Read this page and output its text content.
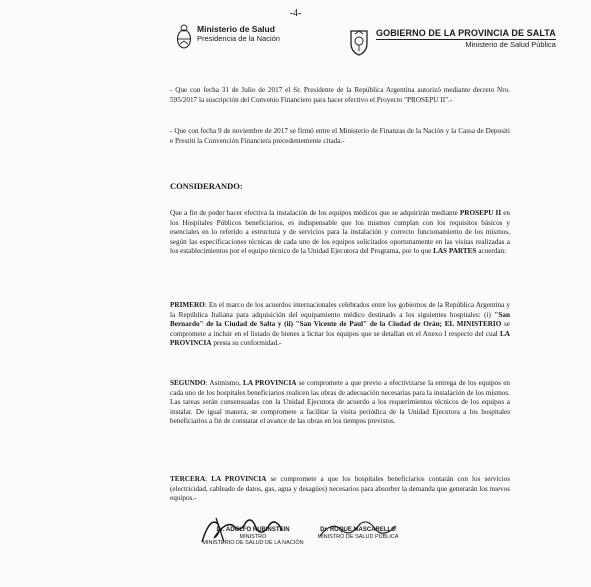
-4-
Ministerio de Salud
Presidencia de la Nación
GOBIERNO DE LA PROVINCIA DE SALTA
Ministerio de Salud Pública
- Que con fecha 31 de Julio de 2017 el Sr. Presidente de la República Argentina autorizó mediante decreto Nro. 595/2017 la suscripción del Convenio Financiero para hacer efectivo el Proyecto "PROSEPU II".-
- Que con fecha 9 de noviembre de 2017 se firmó entre el Ministerio de Finanzas de la Nación y la Cassa de Depositi e Prestiti la Convención Financiera precedentemente citada.-
CONSIDERANDO:
Que a fin de poder hacer efectiva la instalación de los equipos médicos que se adquirirán mediante PROSEPU II en los Hospitales Públicos beneficiarios, es indispensable que los mismos cumplan con los requisitos básicos y esenciales en lo referido a estructura y de servicios para la instalación y correcto funcionamiento de los mismos, según las especificaciones técnicas de cada uno de los equipos solicitados oportunamente en las visitas realizadas a los establecimientos por el equipo técnico de la Unidad Ejecutora del Programa, por lo que LAS PARTES acuerdan:
PRIMERO: En el marco de los acuerdos internacionales celebrados entre los gobiernos de la República Argentina y la República Italiana para adquisición del equipamiento médico destinado a los siguientes hospitales: (i) "San Bernardo" de la Ciudad de Salta y (ii) "San Vicente de Paul" de la Ciudad de Orán; EL MINISTERIO se compromete a incluir en el listado de bienes a licitar los equipos que se detallan en el Anexo I respecto del cual LA PROVINCIA presta su conformidad.-
SEGUNDO: Asimismo, LA PROVINCIA se compromete a que previo a efectivizarse la entrega de los equipos en cada uno de los hospitales beneficiarios realicen las obras de adecuación necesarias para la instalación de los mismos. Las tareas serán consensuadas con la Unidad Ejecutora de acuerdo a los requerimientos técnicos de los equipos a instalar. De igual manera, se compromete a facilitar la visita periódica de la Unidad Ejecutora a los hospitales beneficiarios a fin de constatar el avance de las obras en los tiempos previstos.
TERCERA: LA PROVINCIA se compromete a que los hospitales beneficiarios contarán con los servicios (electricidad, cableado de datos, gas, agua y desagües) necesarios para absorber la demanda que generarán los nuevos equipos.-
Dr. ADOLFO RUBINSTEIN
MINISTRO
MINISTERIO DE SALUD DE LA NACIÓN
Dr. ROQUE MASCARELLO
MINISTRO DE SALUD PÚBLICA
